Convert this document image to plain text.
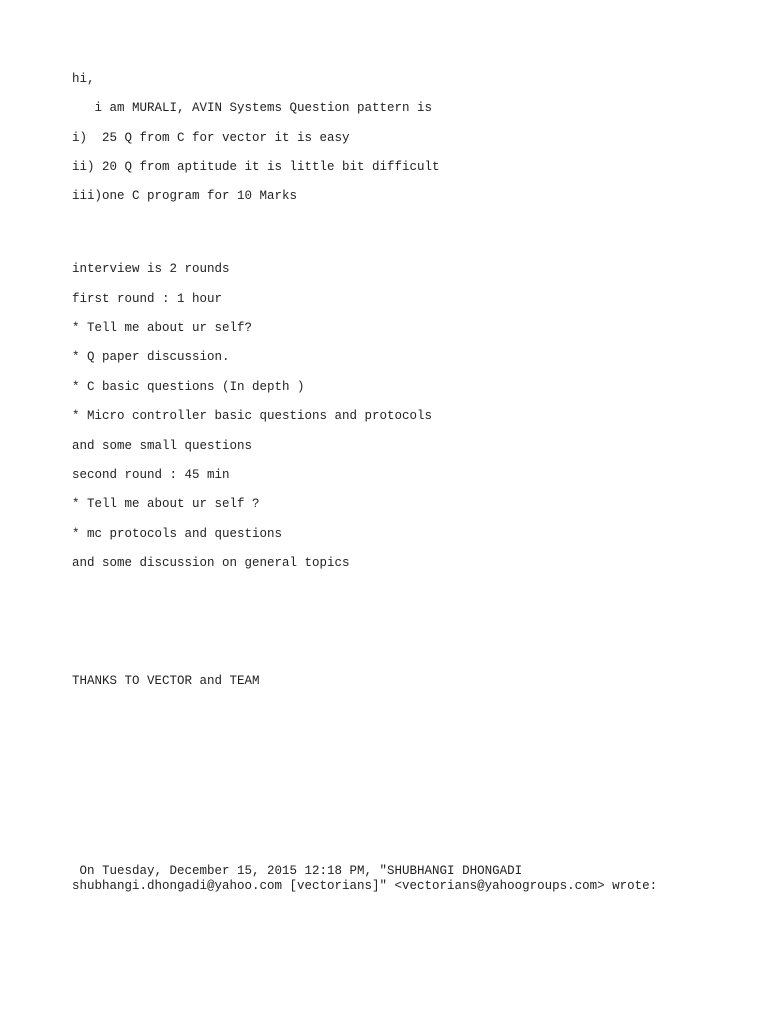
hi,
i am MURALI, AVIN Systems Question pattern is
i)  25 Q from C for vector it is easy
ii) 20 Q from aptitude it is little bit difficult
iii)one C program for 10 Marks
interview is 2 rounds
first round : 1 hour
* Tell me about ur self?
* Q paper discussion.
* C basic questions (In depth )
* Micro controller basic questions and protocols
and some small questions
second round : 45 min
* Tell me about ur self ?
* mc protocols and questions
and some discussion on general topics
THANKS TO VECTOR and TEAM
On Tuesday, December 15, 2015 12:18 PM, "SHUBHANGI DHONGADI
shubhangi.dhongadi@yahoo.com [vectorians]" <vectorians@yahoogroups.com> wrote:
